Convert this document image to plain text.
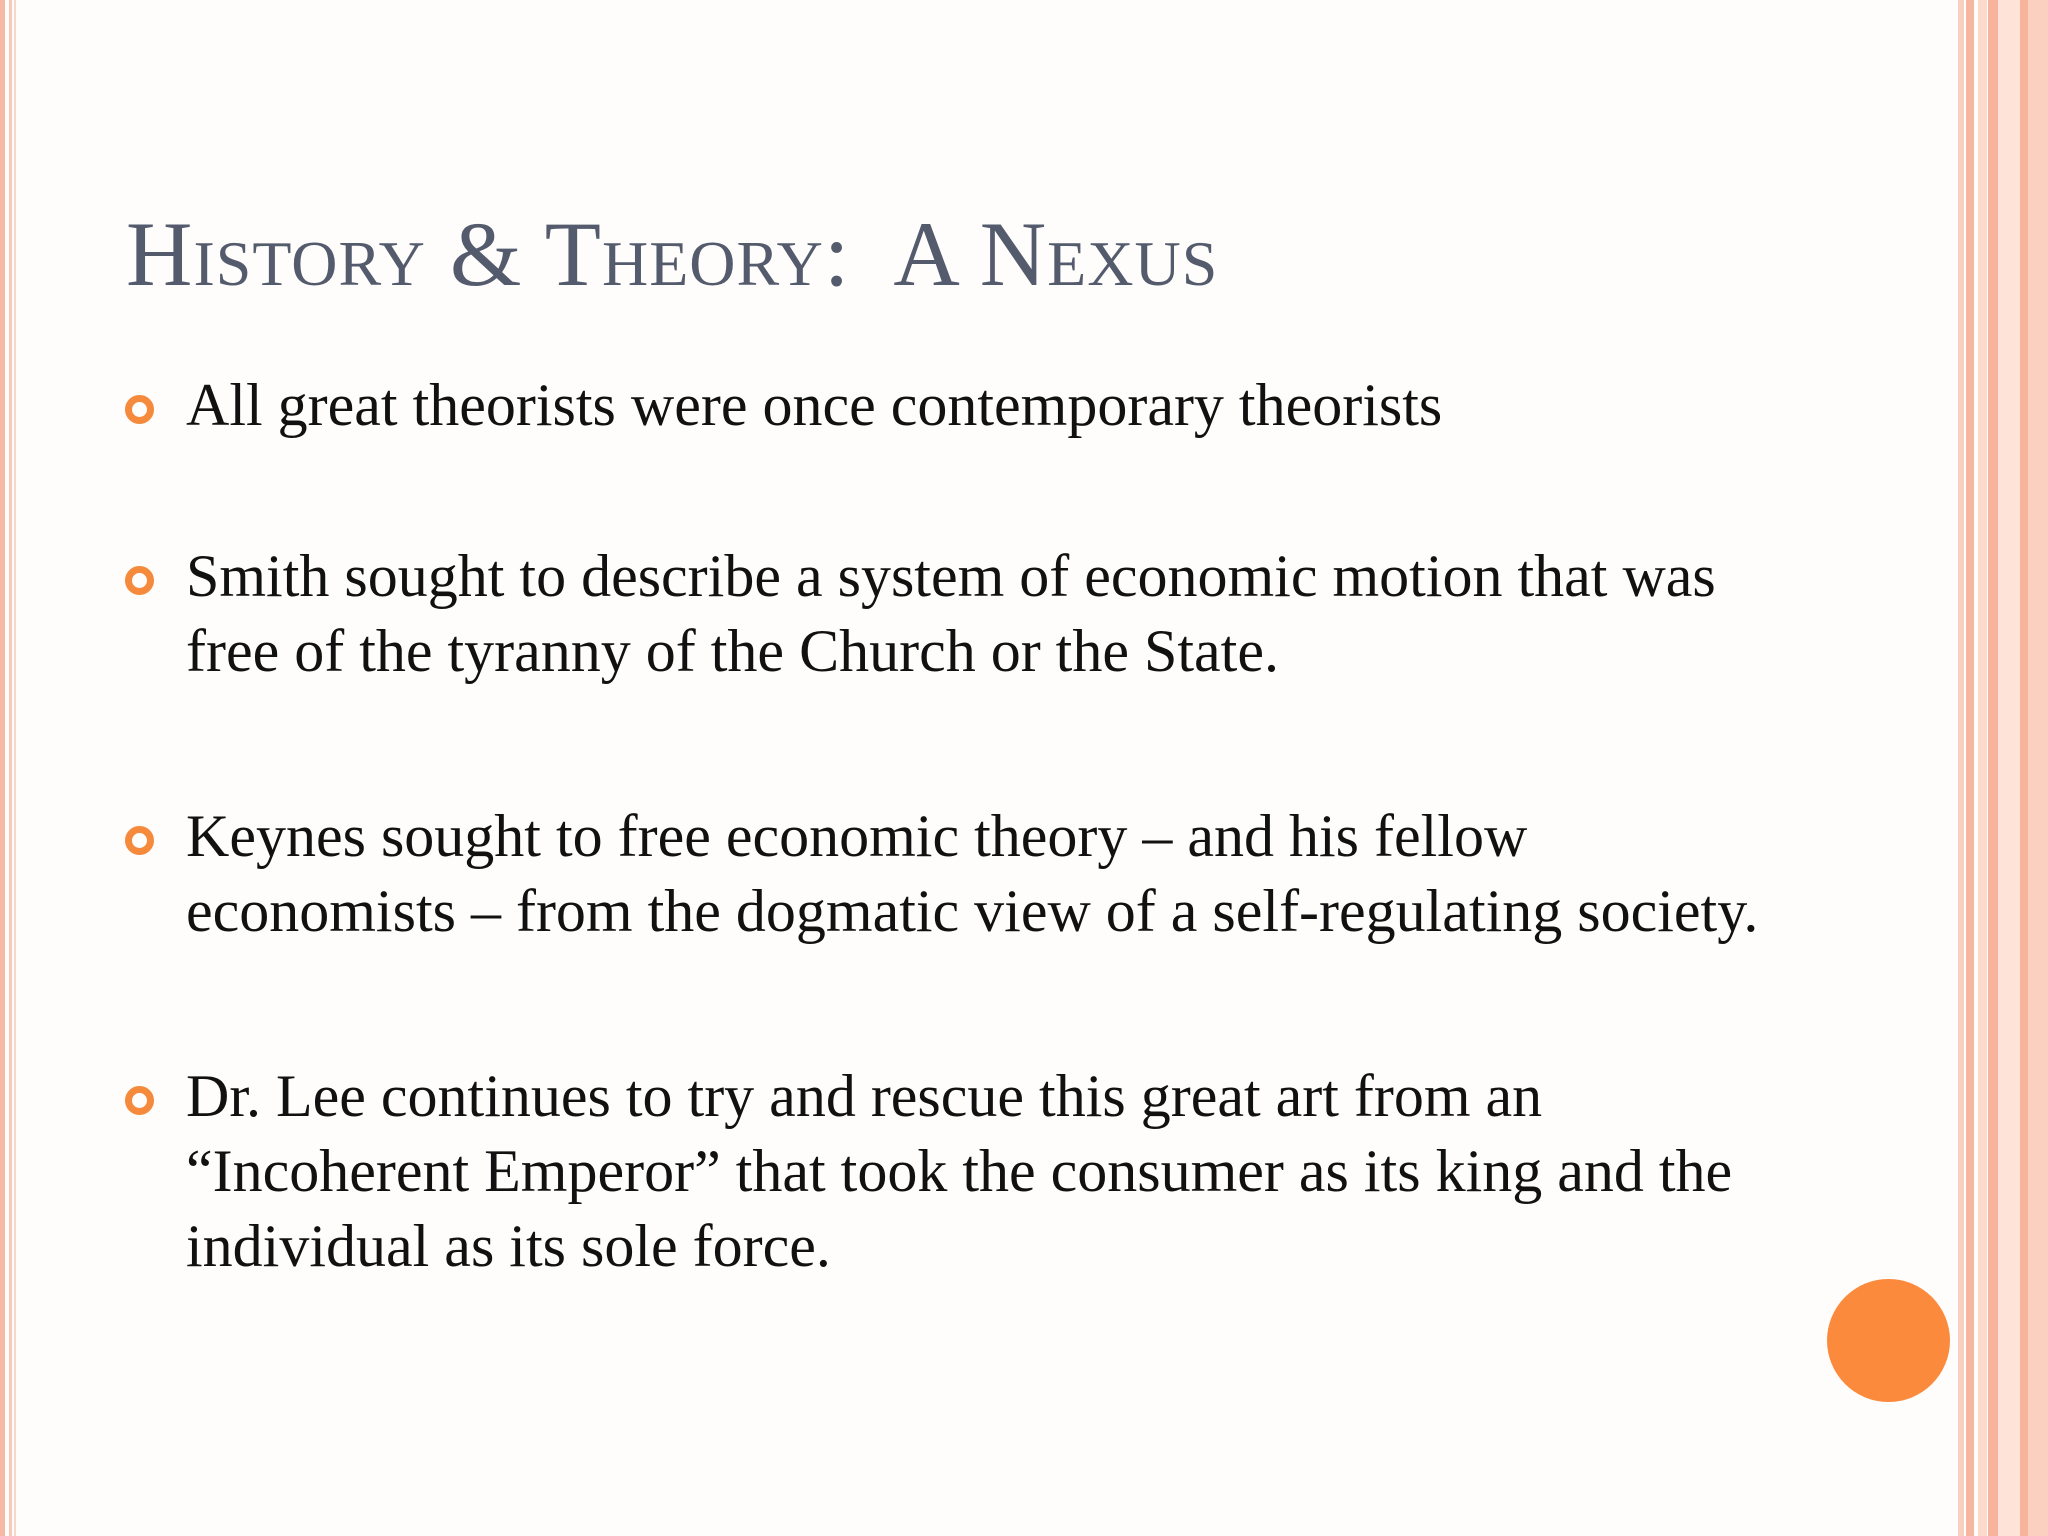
History & Theory:  A Nexus
All great theorists were once contemporary theorists
Smith sought to describe a system of economic motion that was free of the tyranny of the Church or the State.
Keynes sought to free economic theory – and his fellow economists – from the dogmatic view of a self-regulating society.
Dr. Lee continues to try and rescue this great art from an “Incoherent Emperor” that took the consumer as its king and the individual as its sole force.
